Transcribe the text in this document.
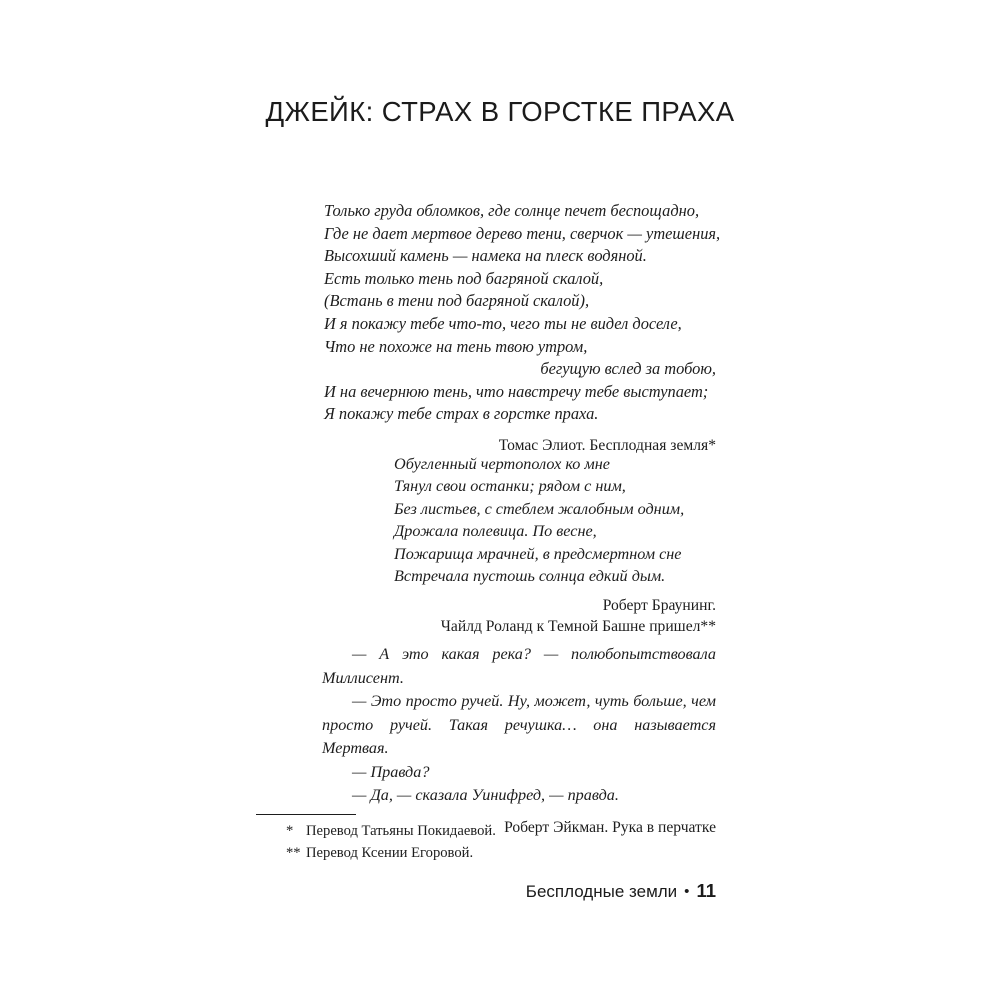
ДЖЕЙК: СТРАХ В ГОРСТКЕ ПРАХА
Только груда обломков, где солнце печет беспощадно,
Где не дает мертвое дерево тени, сверчок — утешения,
Высохший камень — намека на плеск водяной.
Есть только тень под багряной скалой,
(Встань в тени под багряной скалой),
И я покажу тебе что-то, чего ты не видел доселе,
Что не похоже на тень твою утром,
бегущую вслед за тобою,
И на вечернюю тень, что навстречу тебе выступает;
Я покажу тебе страх в горстке праха.
Томас Элиот. Бесплодная земля*
Обугленный чертополох ко мне
Тянул свои останки; рядом с ним,
Без листьев, с стеблем жалобным одним,
Дрожала полевица. По весне,
Пожарища мрачней, в предсмертном сне
Встречала пустошь солнца едкий дым.
Роберт Браунинг.
Чайлд Роланд к Темной Башне пришел**

— А это какая река? — полюбопытствовала Миллисент.

— Это просто ручей. Ну, может, чуть больше, чем просто ручей. Такая речушка… она называется Мертвая.

— Правда?

— Да, — сказала Уинифред, — правда.

Роберт Эйкман. Рука в перчатке
* Перевод Татьяны Покидаевой.
** Перевод Ксении Егоровой.
Бесплодные земли • 11
